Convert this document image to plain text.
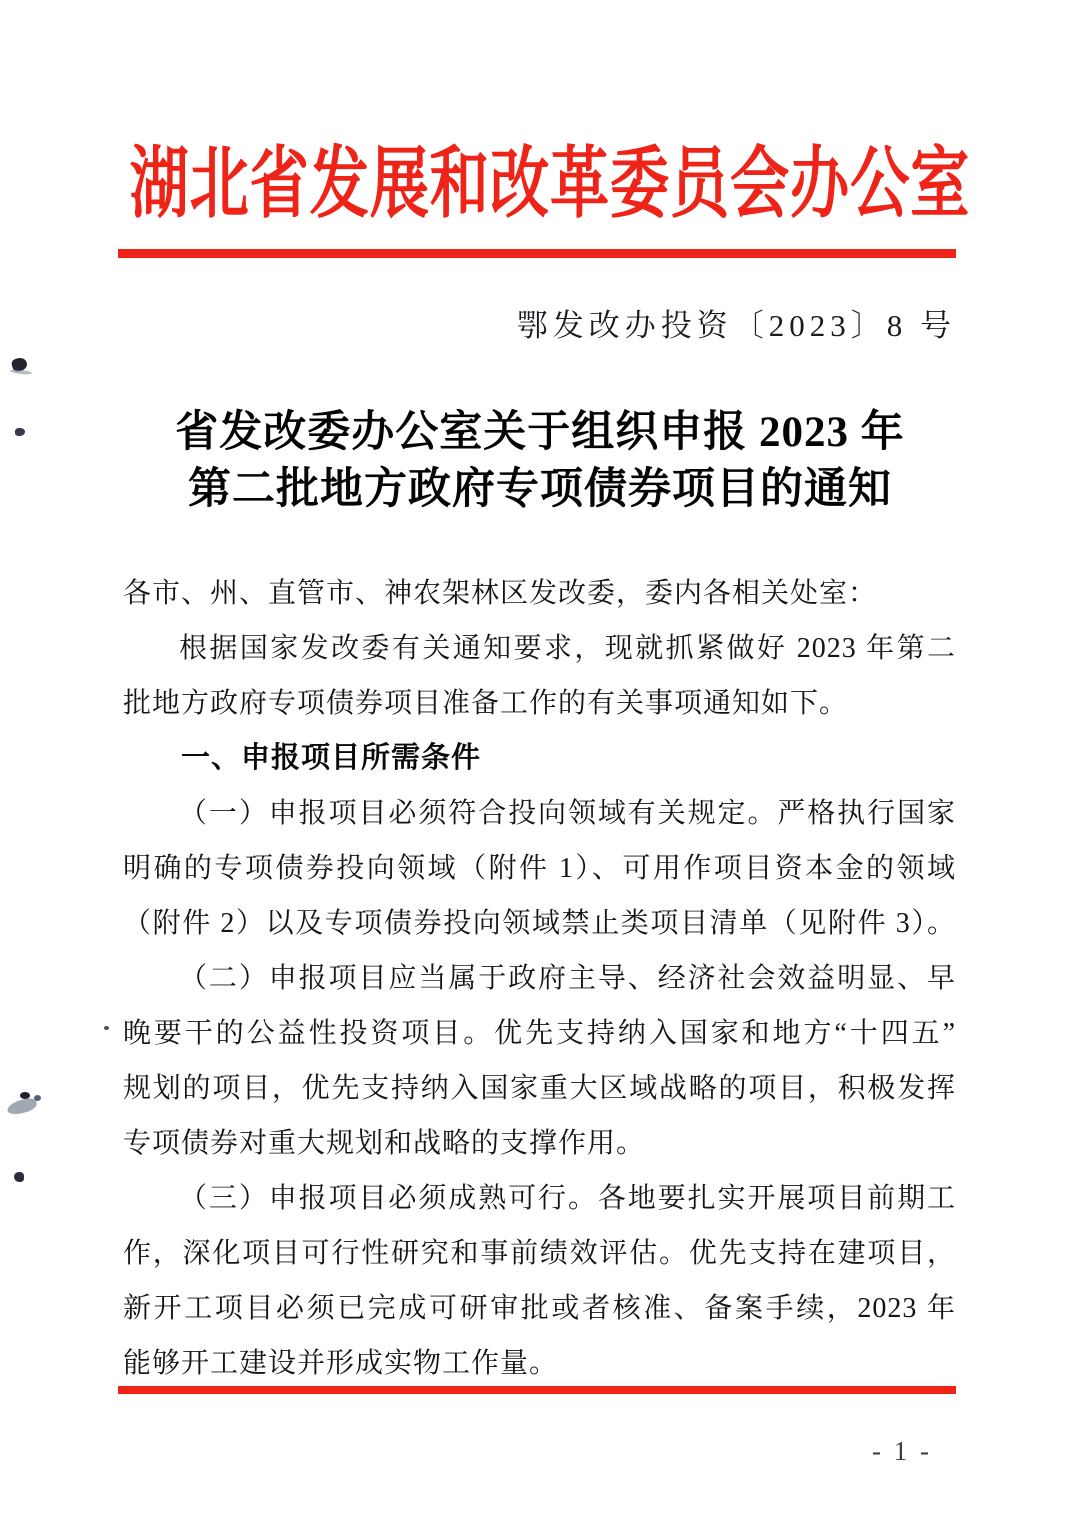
湖北省发展和改革委员会办公室
鄂发改办投资〔2023〕8 号
省发改委办公室关于组织申报 2023 年
第二批地方政府专项债券项目的通知
各市、州、直管市、神农架林区发改委，委内各相关处室：
根据国家发改委有关通知要求，现就抓紧做好 2023 年第二
批地方政府专项债券项目准备工作的有关事项通知如下。
一、申报项目所需条件
（一）申报项目必须符合投向领域有关规定。严格执行国家
明确的专项债券投向领域（附件 1）、可用作项目资本金的领域
（附件 2）以及专项债券投向领域禁止类项目清单（见附件 3）。
（二）申报项目应当属于政府主导、经济社会效益明显、早
晚要干的公益性投资项目。优先支持纳入国家和地方“十四五”
规划的项目，优先支持纳入国家重大区域战略的项目，积极发挥
专项债券对重大规划和战略的支撑作用。
（三）申报项目必须成熟可行。各地要扎实开展项目前期工
作，深化项目可行性研究和事前绩效评估。优先支持在建项目，
新开工项目必须已完成可研审批或者核准、备案手续，2023 年
能够开工建设并形成实物工作量。
- 1 -
